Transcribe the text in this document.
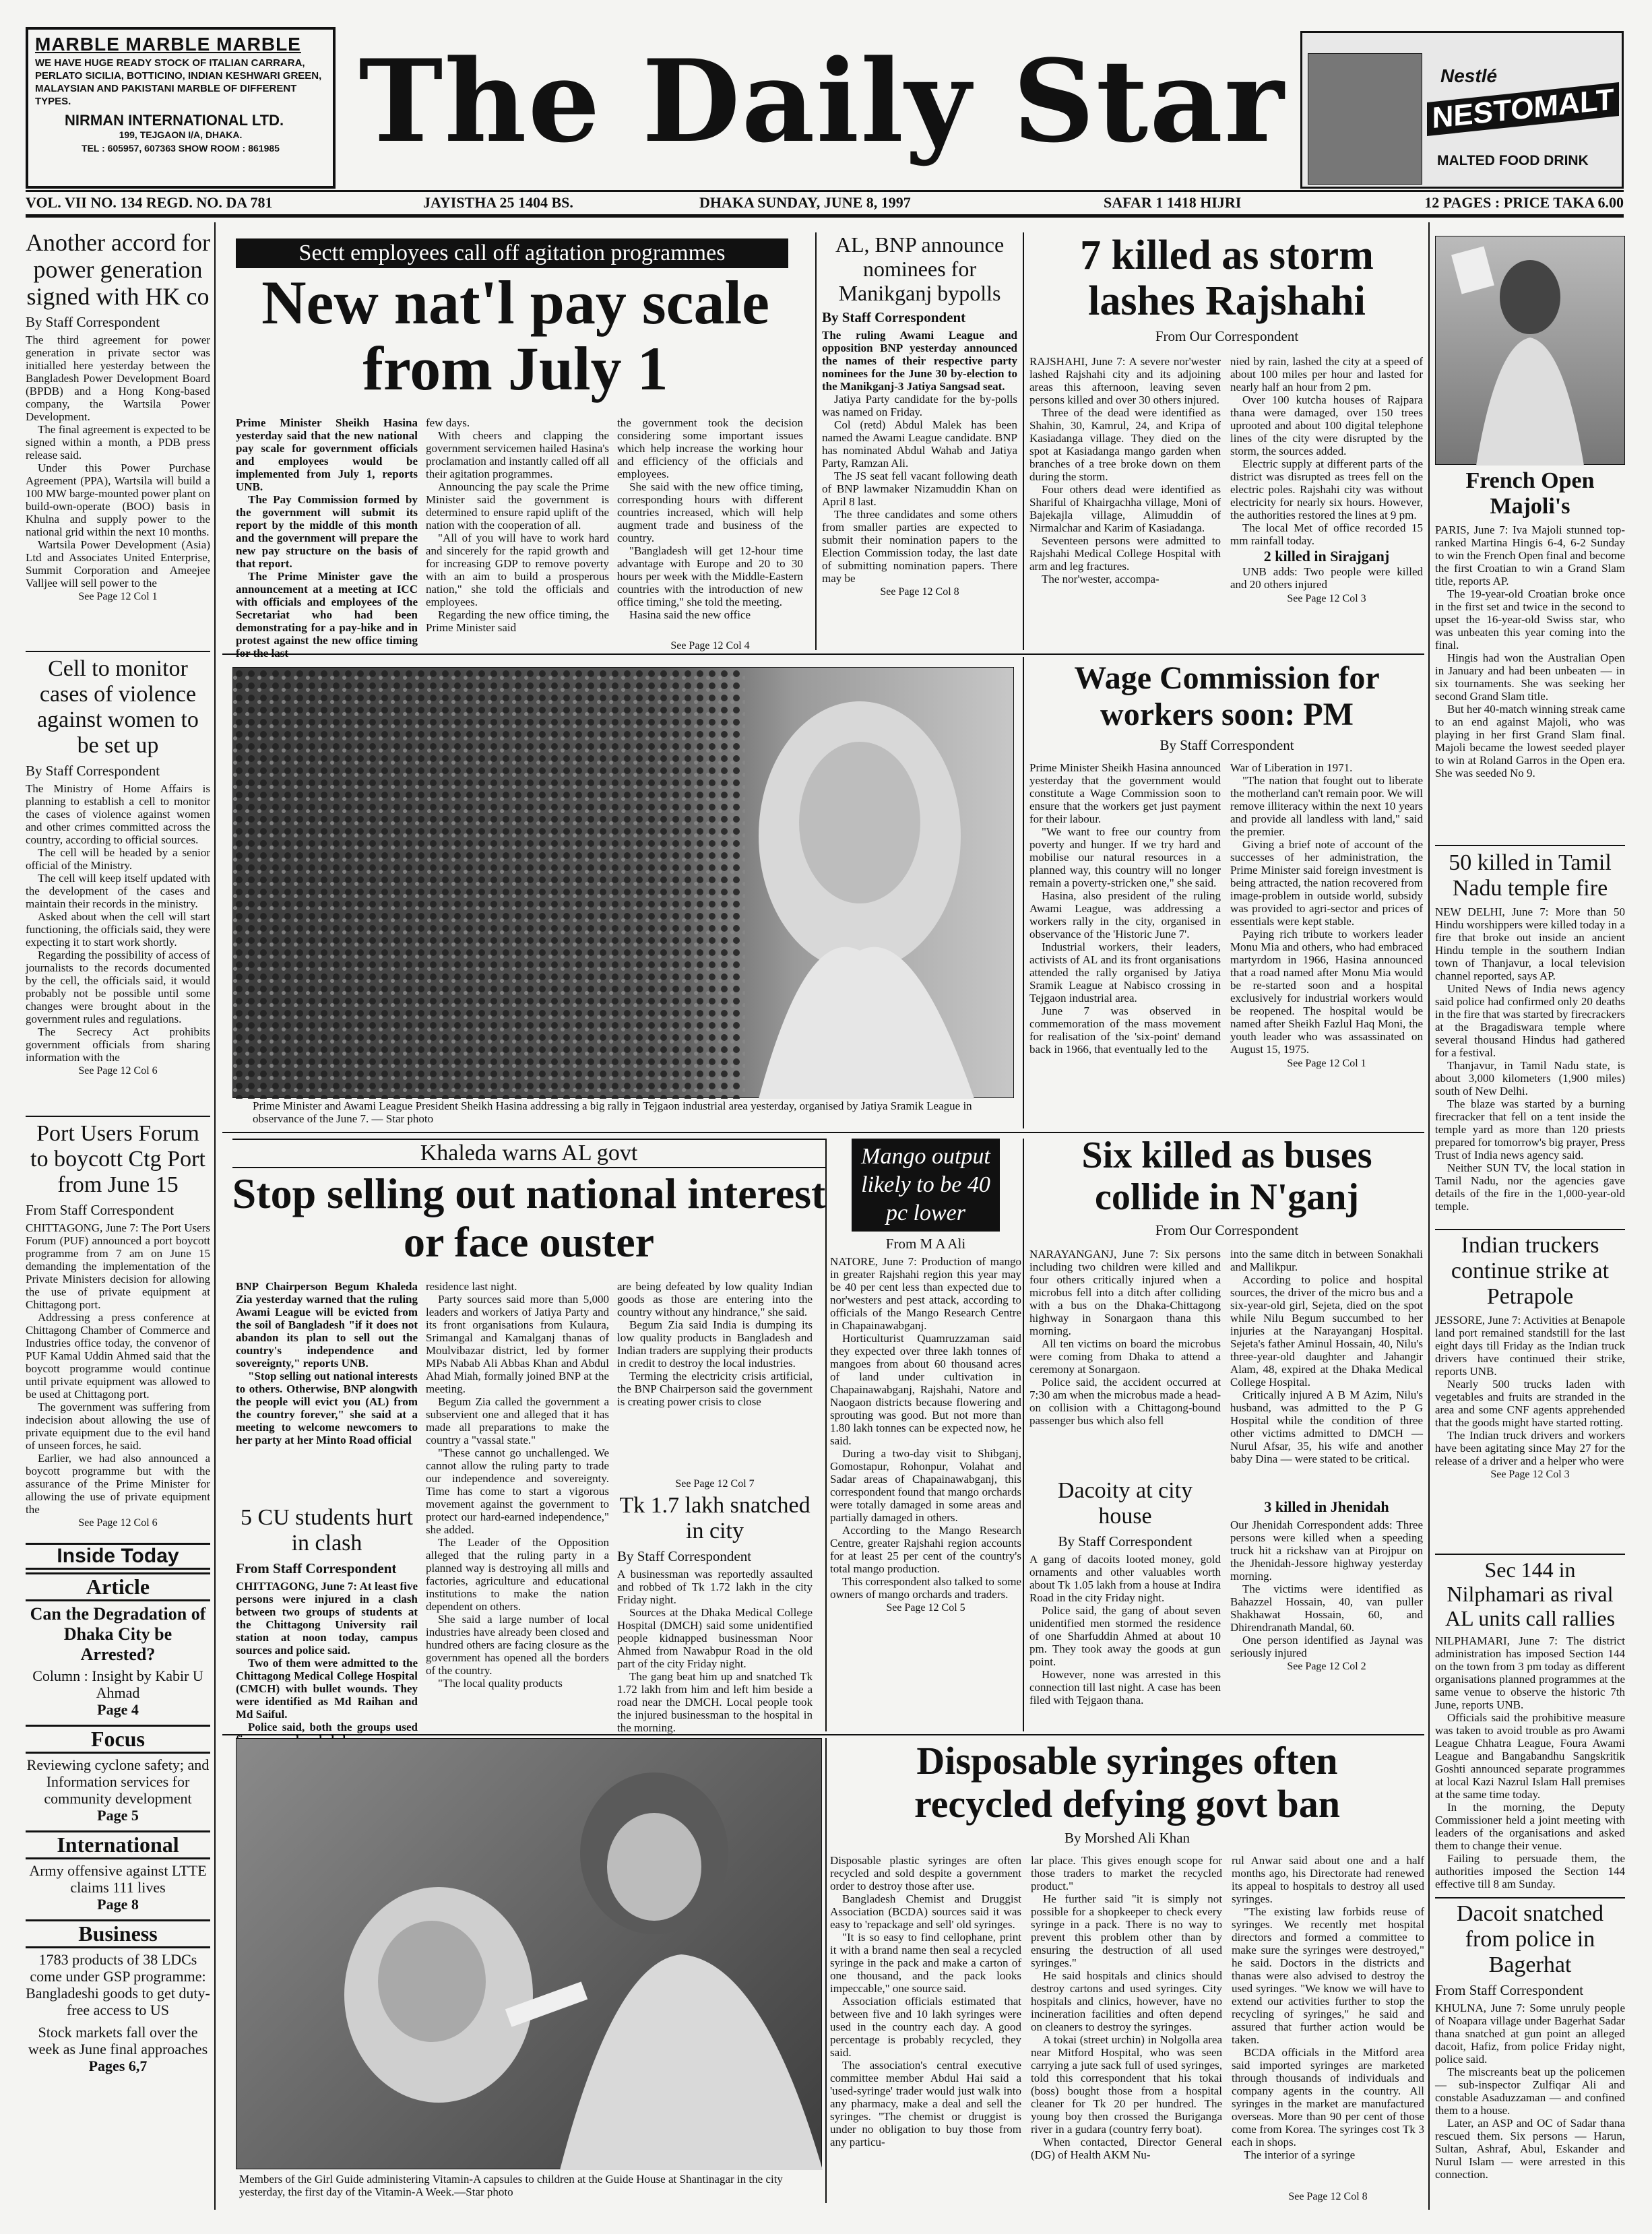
MARBLE MARBLE MARBLE
WE HAVE HUGE READY STOCK OF ITALIAN CARRARA, PERLATO SICILIA, BOTTICINO, INDIAN KESHWARI GREEN, MALAYSIAN AND PAKISTANI MARBLE OF DIFFERENT TYPES.
NIRMAN INTERNATIONAL LTD.
199, TEJGAON I/A, DHAKA.
TEL : 605957, 607363 SHOW ROOM : 861985 The Daily Star	Nestlé
NESTOMALT
MALTED FOOD DRINK
VOL. VII NO. 134 REGD. NO. DA 781	JAYISTHA 25 1404 BS.	DHAKA SUNDAY, JUNE 8, 1997	SAFAR 1 1418 HIJRI	12 PAGES : PRICE TAKA 6.00
Another accord for power generation signed with HK co
By Staff Correspondent

The third agreement for power generation in private sector was initialled here yesterday between the Bangladesh Power Development Board (BPDB) and a Hong Kong-based company, the Wartsila Power Development.

The final agreement is expected to be signed within a month, a PDB press release said.

Under this Power Purchase Agreement (PPA), Wartsila will build a 100 MW barge-mounted power plant on build-own-operate (BOO) basis in Khulna and supply power to the national grid within the next 10 months.

Wartsila Power Development (Asia) Ltd and Associates United Enterprise, Summit Corporation and Ameejee Valljee will sell power to the

See Page 12 Col 1
Cell to monitor cases of violence against women to be set up
By Staff Correspondent

The Ministry of Home Affairs is planning to establish a cell to monitor the cases of violence against women and other crimes committed across the country, according to official sources.

The cell will be headed by a senior official of the Ministry.

The cell will keep itself updated with the development of the cases and maintain their records in the ministry.

Asked about when the cell will start functioning, the officials said, they were expecting it to start work shortly.

Regarding the possibility of access of journalists to the records documented by the cell, the officials said, it would probably not be possible until some changes were brought about in the government rules and regulations.

The Secrecy Act prohibits government officials from sharing information with the

See Page 12 Col 6
Port Users Forum to boycott Ctg Port from June 15
From Staff Correspondent

CHITTAGONG, June 7: The Port Users Forum (PUF) announced a port boycott programme from 7 am on June 15 demanding the implementation of the Private Ministers decision for allowing the use of private equipment at Chittagong port.

Addressing a press conference at Chittagong Chamber of Commerce and Industries office today, the convenor of PUF Kamal Uddin Ahmed said that the boycott programme would continue until private equipment was allowed to be used at Chittagong port.

The government was suffering from indecision about allowing the use of private equipment due to the evil hand of unseen forces, he said.

Earlier, we had also announced a boycott programme but with the assurance of the Prime Minister for allowing the use of private equipment the

See Page 12 Col 6
Inside Today
Article
Can the Degradation of Dhaka City be Arrested?
Column : Insight by Kabir U Ahmad
Page 4
Focus
Reviewing cyclone safety; and Information services for community development
Page 5
International
Army offensive against LTTE claims 111 lives
Page 8
Business
1783 products of 38 LDCs come under GSP programme: Bangladeshi goods to get duty-free access to US
Stock markets fall over the week as June final approaches
Pages 6,7
Sectt employees call off agitation programmes
New nat'l pay scale from July 1

Prime Minister Sheikh Hasina yesterday said that the new national pay scale for government officials and employees would be implemented from July 1, reports UNB.

The Pay Commission formed by the government will submit its report by the middle of this month and the government will prepare the new pay structure on the basis of that report.

The Prime Minister gave the announcement at a meeting at ICC with officials and employees of the Secretariat who had been demonstrating for a pay-hike and in protest against the new office timing

few days.

With cheers and clapping the government servicemen hailed Hasina's proclamation and instantly called off all their agitation programmes.

Announcing the pay scale the Prime Minister said the government is determined to ensure rapid uplift of the nation with the cooperation of all.

"All of you will have to work hard and sincerely for the rapid growth and for increasing GDP to remove poverty with an aim to build a prosperous nation," she told the officials and employees.

Regarding the new office timing, the Prime Minister said

the government took the decision considering some important issues which help increase the working hour and efficiency of the officials and employees.

She said with the new office timing, corresponding hours with different countries increased, which will help augment trade and business of the country.

"Bangladesh will get 12-hour time advantage with Europe and 20 to 30 hours per week with the Middle-Eastern countries with the introduction of new office timing," she told the meeting.

Hasina said the new office

See Page 12 Col 4
AL, BNP announce nominees for Manikganj bypolls
By Staff Correspondent

The ruling Awami League and opposition BNP yesterday announced the names of their respective party nominees for the June 30 by-election to the Manikganj-3 Jatiya Sangsad seat.

Jatiya Party candidate for the by-polls was named on Friday.

Col (retd) Abdul Malek has been named the Awami League candidate. BNP has nominated Abdul Wahab and Jatiya Party, Ramzan Ali.

The JS seat fell vacant following death of BNP lawmaker Nizamuddin Khan on April 8 last.

The three candidates and some others from smaller parties are expected to submit their nomination papers to the Election Commission today, the last date of submitting nomination papers. There may be

See Page 12 Col 8
7 killed as storm lashes Rajshahi
From Our Correspondent

RAJSHAHI, June 7: A severe nor'wester lashed Rajshahi city and its adjoining areas this afternoon, leaving seven persons killed and over 30 others injured.

Three of the dead were identified as Shahin, 30, Kamrul, 24, and Kripa of Kasiadanga village. They died on the spot at Kasiadanga mango garden when branches of a tree broke down on them during the storm.

Four others dead were identified as Shariful of Khairgachha village, Moni of Bajekajla village, Alimuddin of Nirmalchar and Karim of Kasiadanga.

Seventeen persons were admitted to Rajshahi Medical College Hospital with arm and leg fractures.

The nor'wester, accompa-

nied by rain, lashed the city at a speed of about 100 miles per hour and lasted for nearly half an hour from 2 pm.

Over 100 kutcha houses of Rajpara thana were damaged, over 150 trees uprooted and about 100 digital telephone lines of the city were disrupted by the storm, the sources added.

Electric supply at different parts of the district was disrupted as trees fell on the electric poles. Rajshahi city was without electricity for nearly six hours. However, the authorities restored the lines at 9 pm.

The local Met of office recorded 15 mm rainfall today.

2 killed in Sirajganj

UNB adds: Two people were killed and 20 others injured

See Page 12 Col 3
Prime Minister and Awami League President Sheikh Hasina addressing a big rally in Tejgaon industrial area yesterday, organised by Jatiya Sramik League in observance of the June 7. — Star photo
Wage Commission for workers soon: PM
By Staff Correspondent

Prime Minister Sheikh Hasina announced yesterday that the government would constitute a Wage Commission soon to ensure that the workers get just payment for their labour.

"We want to free our country from poverty and hunger. If we try hard and mobilise our natural resources in a planned way, this country will no longer remain a poverty-stricken one," she said.

Hasina, also president of the ruling Awami League, was addressing a workers rally in the city, organised in observance of the 'Historic June 7'.

Industrial workers, their leaders, activists of AL and its front organisations attended the rally organised by Jatiya Sramik League at Nabisco crossing in Tejgaon industrial area.

June 7 was observed in commemoration of the mass movement for realisation of the 'six-point' demand back in 1966, that eventually led to the

War of Liberation in 1971.

"The nation that fought out to liberate the motherland can't remain poor. We will remove illiteracy within the next 10 years and provide all landless with land," said the premier.

Giving a brief note of account of the successes of her administration, the Prime Minister said foreign investment is being attracted, the nation recovered from image-problem in outside world, subsidy was provided to agri-sector and prices of essentials were kept stable.

Paying rich tribute to workers leader Monu Mia and others, who had embraced martyrdom in 1966, Hasina announced that a road named after Monu Mia would be re-started soon and a hospital exclusively for industrial workers would be reopened. The hospital would be named after Sheikh Fazlul Haq Moni, the youth leader who was assassinated on August 15, 1975.

See Page 12 Col 1
French Open Majoli's

PARIS, June 7: Iva Majoli stunned top-ranked Martina Hingis 6-4, 6-2 Sunday to win the French Open final and become the first Croatian to win a Grand Slam title, reports AP.

The 19-year-old Croatian broke once in the first set and twice in the second to upset the 16-year-old Swiss star, who was unbeaten this year coming into the final.

Hingis had won the Australian Open in January and had been unbeaten — in six tournaments. She was seeking her second Grand Slam title.

But her 40-match winning streak came to an end against Majoli, who was playing in her first Grand Slam final. Majoli became the lowest seeded player to win at Roland Garros in the Open era. She was seeded No 9.

50 killed in Tamil Nadu temple fire

NEW DELHI, June 7: More than 50 Hindu worshippers were killed today in a fire that broke out inside an ancient Hindu temple in the southern Indian town of Thanjavur, a local television channel reported, says AP.

United News of India news agency said police had confirmed only 20 deaths in the fire that was started by firecrackers at the Bragadiswara temple where several thousand Hindus had gathered for a festival.

Thanjavur, in Tamil Nadu state, is about 3,000 kilometers (1,900 miles) south of New Delhi.

The blaze was started by a burning firecracker that fell on a tent inside the temple yard as more than 120 priests prepared for tomorrow's big prayer, Press Trust of India news agency said.

Neither SUN TV, the local station in Tamil Nadu, nor the agencies gave details of the fire in the 1,000-year-old temple.

Indian truckers continue strike at Petrapole

JESSORE, June 7: Activities at Benapole land port remained standstill for the last eight days till Friday as the Indian truck drivers have continued their strike, reports UNB.

Nearly 500 trucks laden with vegetables and fruits are stranded in the area and some CNF agents apprehended that the goods might have started rotting.

The Indian truck drivers and workers have been agitating since May 27 for the release of a driver and a helper who were

See Page 12 Col 3
Sec 144 in Nilphamari as rival AL units call rallies

NILPHAMARI, June 7: The district administration has imposed Section 144 on the town from 3 pm today as different organisations planned programmes at the same venue to observe the historic 7th June, reports UNB.

Officials said the prohibitive measure was taken to avoid trouble as pro Awami League Chhatra League, Foura Awami League and Bangabandhu Sangskritik Goshti announced separate programmes at local Kazi Nazrul Islam Hall premises at the same time today.

In the morning, the Deputy Commissioner held a joint meeting with leaders of the organisations and asked them to change their venue.

Failing to persuade them, the authorities imposed the Section 144 effective till 8 am Sunday.

Dacoit snatched from police in Bagerhat
From Staff Correspondent

KHULNA, June 7: Some unruly people of Noapara village under Bagerhat Sadar thana snatched at gun point an alleged dacoit, Hafiz, from police Friday night, police said.

The miscreants beat up the policemen — sub-inspector Zulfiqar Ali and constable Asaduzzaman — and confined them to a house.

Later, an ASP and OC of Sadar thana rescued them. Six persons — Harun, Sultan, Ashraf, Abul, Eskander and Nurul Islam — were arrested in this connection.

Khaleda warns AL govt
Stop selling out national interest or face ouster

BNP Chairperson Begum Khaleda Zia yesterday warned that the ruling Awami League will be evicted from the soil of Bangladesh "if it does not abandon its plan to sell out the country's independence and sovereignty," reports UNB.

"Stop selling out national interests to others. Otherwise, BNP alongwith the people will evict you (AL) from the country forever," she said at a meeting to welcome newcomers to her party at her Minto Road official

5 CU students hurt in clash
From Staff Correspondent

CHITTAGONG, June 7: At least five persons were injured in a clash between two groups of students at the Chittagong University rail station at noon today, campus sources and police said.

Two of them were admitted to the Chittagong Medical College Hospital (CMCH) with bullet wounds. They were identified as Md Raihan and Md Saiful.

Police said, both the groups used

residence last night.

Party sources said more than 5,000 leaders and workers of Jatiya Party and its front organisations from Kulaura, Srimangal and Kamalganj thanas of Moulvibazar district, led by former MPs Nabab Ali Abbas Khan and Abdul Ahad Miah, formally joined BNP at the meeting.

Begum Zia called the government a subservient one and alleged that it has made all preparations to make the country a "vassal state."

"These cannot go unchallenged. We cannot allow the ruling party to trade our independence and sovereignty. Time has come to start a vigorous movement against the government to protect our hard-earned independence," she added.

The Leader of the Opposition alleged that the ruling party in a planned way is destroying all mills and factories, agriculture and educational institutions to make the nation dependent on others.

She said a large number of local industries have already been closed and hundred others are facing closure as the government has opened all the borders of the country.

"The local quality products

are being defeated by low quality Indian goods as those are entering into the country without any hindrance," she said.

Begum Zia said India is dumping its low quality products in Bangladesh and Indian traders are supplying their products in credit to destroy the local industries.

Terming the electricity crisis artificial, the BNP Chairperson said the government is creating power crisis to close

See Page 12 Col 7
Tk 1.7 lakh snatched in city
By Staff Correspondent

A businessman was reportedly assaulted and robbed of Tk 1.72 lakh in the city Friday night.

Sources at the Dhaka Medical College Hospital (DMCH) said some unidentified people kidnapped businessman Noor Ahmed from Nawabpur Road in the old part of the city Friday night.

The gang beat him up and snatched Tk 1.72 lakh from him and left him beside a road near the DMCH. Local people took the injured businessman to the hospital in the morning.

Mango output likely to be 40 pc lower
From M A Ali

NATORE, June 7: Production of mango in greater Rajshahi region this year may be 40 per cent less than expected due to nor'westers and pest attack, according to officials of the Mango Research Centre in Chapainawabganj.

Horticulturist Quamruzzaman said they expected over three lakh tonnes of mangoes from about 60 thousand acres of land under cultivation in Chapainawabganj, Rajshahi, Natore and Naogaon districts because flowering and sprouting was good. But not more than 1.80 lakh tonnes can be expected now, he said.

During a two-day visit to Shibganj, Gomostapur, Rohonpur, Volahat and Sadar areas of Chapainawabganj, this correspondent found that mango orchards were totally damaged in some areas and partially damaged in others.

According to the Mango Research Centre, greater Rajshahi region accounts for at least 25 per cent of the country's total mango production.

This correspondent also talked to some owners of mango orchards and traders.

See Page 12 Col 5
Six killed as buses collide in N'ganj
From Our Correspondent

NARAYANGANJ, June 7: Six persons including two children were killed and four others critically injured when a microbus fell into a ditch after colliding with a bus on the Dhaka-Chittagong highway in Sonargaon thana this morning.

All ten victims on board the microbus were coming from Dhaka to attend a ceremony at Sonargaon.

Police said, the accident occurred at 7:30 am when the microbus made a head-on collision with a Chittagong-bound passenger bus which also fell

into the same ditch in between Sonakhali and Mallikpur.

According to police and hospital sources, the driver of the micro bus and a six-year-old girl, Sejeta, died on the spot while Nilu Begum succumbed to her injuries at the Narayanganj Hospital. Sejeta's father Aminul Hossain, 40, Nilu's three-year-old daughter and Jahangir Alam, 48, expired at the Dhaka Medical College Hospital.

Critically injured A B M Azim, Nilu's husband, was admitted to the P G Hospital while the condition of three other victims admitted to DMCH — Nurul Afsar, 35, his wife and another baby Dina — were stated to be critical.

Dacoity at city house
By Staff Correspondent

A gang of dacoits looted money, gold ornaments and other valuables worth about Tk 1.05 lakh from a house at Indira Road in the city Friday night.

Police said, the gang of about seven unidentified men stormed the residence of one Sharfuddin Ahmed at about 10 pm. They took away the goods at gun point.

However, none was arrested in this connection till last night. A case has been filed with Tejgaon thana.

3 killed in Jhenidah

Our Jhenidah Correspondent adds: Three persons were killed when a speeding truck hit a rickshaw van at Pirojpur on the Jhenidah-Jessore highway yesterday morning.

The victims were identified as Bahazzel Hossain, 40, van puller Shakhawat Hossain, 60, and Dhirendranath Mandal, 60.

One person identified as Jaynal was seriously injured

See Page 12 Col 2
Members of the Girl Guide administering Vitamin-A capsules to children at the Guide House at Shantinagar in the city yesterday, the first day of the Vitamin-A Week.—Star photo
Disposable syringes often recycled defying govt ban
By Morshed Ali Khan

Disposable plastic syringes are often recycled and sold despite a government order to destroy those after use.

Bangladesh Chemist and Druggist Association (BCDA) sources said it was easy to 'repackage and sell' old syringes.

"It is so easy to find cellophane, print it with a brand name then seal a recycled syringe in the pack and make a carton of one thousand, and the pack looks impeccable," one source said.

Association officials estimated that between five and 10 lakh syringes were used in the country each day. A good percentage is probably recycled, they said.

The association's central executive committee member Abdul Hai said a 'used-syringe' trader would just walk into any pharmacy, make a deal and sell the syringes. "The chemist or druggist is under no obligation to buy those from any particu-

lar place. This gives enough scope for those traders to market the recycled product."

He further said "it is simply not possible for a shopkeeper to check every syringe in a pack. There is no way to prevent this problem other than by ensuring the destruction of all used syringes."

He said hospitals and clinics should destroy cartons and used syringes. City hospitals and clinics, however, have no incineration facilities and often depend on cleaners to destroy the syringes.

A tokai (street urchin) in Nolgolla area near Mitford Hospital, who was seen carrying a jute sack full of used syringes, told this correspondent that his tokai (boss) bought those from a hospital cleaner for Tk 20 per hundred. The young boy then crossed the Buriganga river in a gudara (country ferry boat).

When contacted, Director General (DG) of Health AKM Nu-

rul Anwar said about one and a half months ago, his Directorate had renewed its appeal to hospitals to destroy all used syringes.

"The existing law forbids reuse of syringes. We recently met hospital directors and formed a committee to make sure the syringes were destroyed," he said. Doctors in the districts and thanas were also advised to destroy the used syringes. "We know we will have to extend our activities further to stop the recycling of syringes," he said and assured that further action would be taken.

BCDA officials in the Mitford area said imported syringes are marketed through thousands of individuals and company agents in the country. All syringes in the market are manufactured overseas. More than 90 per cent of those come from Korea. The syringes cost Tk 3 each in shops.

The interior of a syringe

See Page 12 Col 8
